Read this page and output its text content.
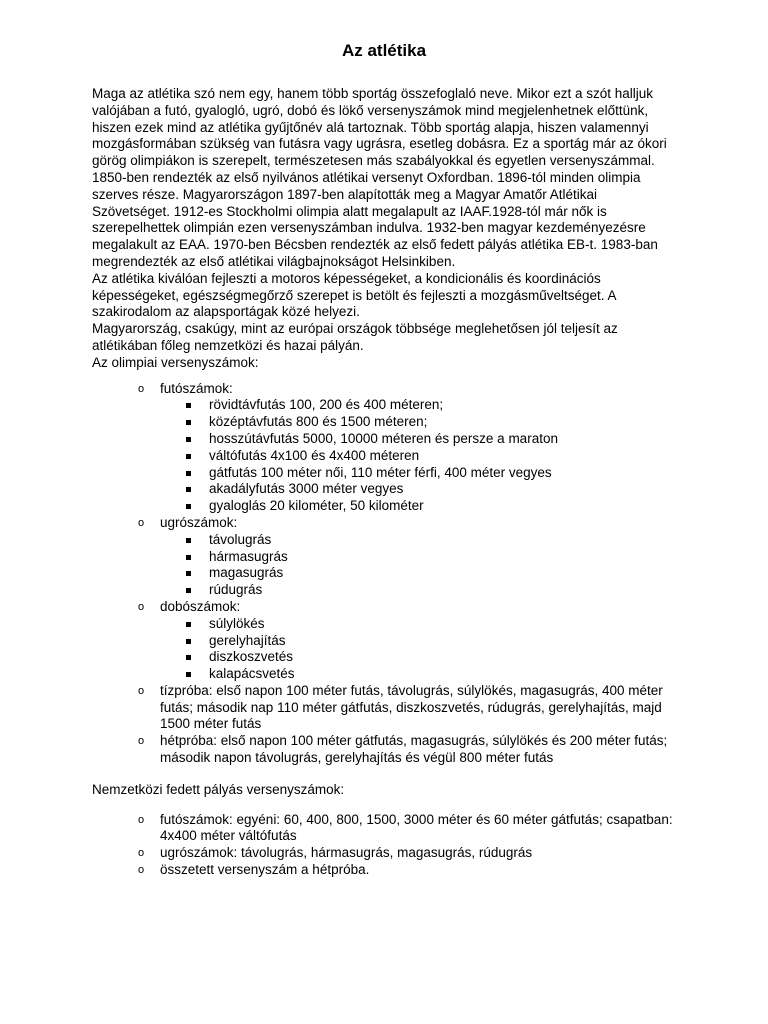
Az atlétika

Maga az atlétika szó nem egy, hanem több sportág összefoglaló neve. Mikor ezt a szót halljuk valójában a futó, gyalogló, ugró, dobó és lökő versenyszámok mind megjelenhetnek előttünk, hiszen ezek mind az atlétika gyűjtőnév alá tartoznak. Több sportág alapja, hiszen valamennyi mozgásformában szükség van futásra vagy ugrásra, esetleg dobásra. Ez a sportág már az ókori görög olimpiákon is szerepelt, természetesen más szabályokkal és egyetlen versenyszámmal.

1850-ben rendezték az első nyilvános atlétikai versenyt Oxfordban. 1896-tól minden olimpia szerves része. Magyarországon 1897-ben alapították meg a Magyar Amatőr Atlétikai Szövetséget. 1912-es Stockholmi olimpia alatt megalapult az IAAF.1928-tól már nők is szerepelhettek olimpián ezen versenyszámban indulva. 1932-ben magyar kezdeményezésre megalakult az EAA. 1970-ben Bécsben rendezték az első fedett pályás atlétika EB-t. 1983-ban megrendezték az első atlétikai világbajnokságot Helsinkiben.

Az atlétika kiválóan fejleszti a motoros képességeket, a kondicionális és koordinációs képességeket, egészségmegőrző szerepet is betölt és fejleszti a mozgásműveltséget. A szakirodalom az alapsportágak közé helyezi.

Magyarország, csakúgy, mint az európai országok többsége meglehetősen jól teljesít az atlétikában főleg nemzetközi és hazai pályán.

Az olimpiai versenyszámok:

o futószámok:
rövidtávfutás 100, 200 és 400 méteren;
középtávfutás 800 és 1500 méteren;
hosszútávfutás 5000, 10000 méteren és persze a maraton
váltófutás 4x100 és 4x400 méteren
gátfutás 100 méter női, 110 méter férfi, 400 méter vegyes
akadályfutás 3000 méter vegyes
gyaloglás 20 kilométer, 50 kilométer
o ugrószámok:
távolugrás
hármasugrás
magasugrás
rúdugrás
o dobószámok:
súlylökés
gerelyhajítás
diszkoszvetés
kalapácsvetés
o tízpróba: első napon 100 méter futás, távolugrás, súlylökés, magasugrás, 400 méter futás; második nap 110 méter gátfutás, diszkoszvetés, rúdugrás, gerelyhajítás, majd 1500 méter futás
o hétpróba: első napon 100 méter gátfutás, magasugrás, súlylökés és 200 méter futás; második napon távolugrás, gerelyhajítás és végül 800 méter futás

Nemzetközi fedett pályás versenyszámok:

o futószámok: egyéni: 60, 400, 800, 1500, 3000 méter és 60 méter gátfutás; csapatban: 4x400 méter váltófutás
o ugrószámok: távolugrás, hármasugrás, magasugrás, rúdugrás
o összetett versenyszám a hétpróba.
